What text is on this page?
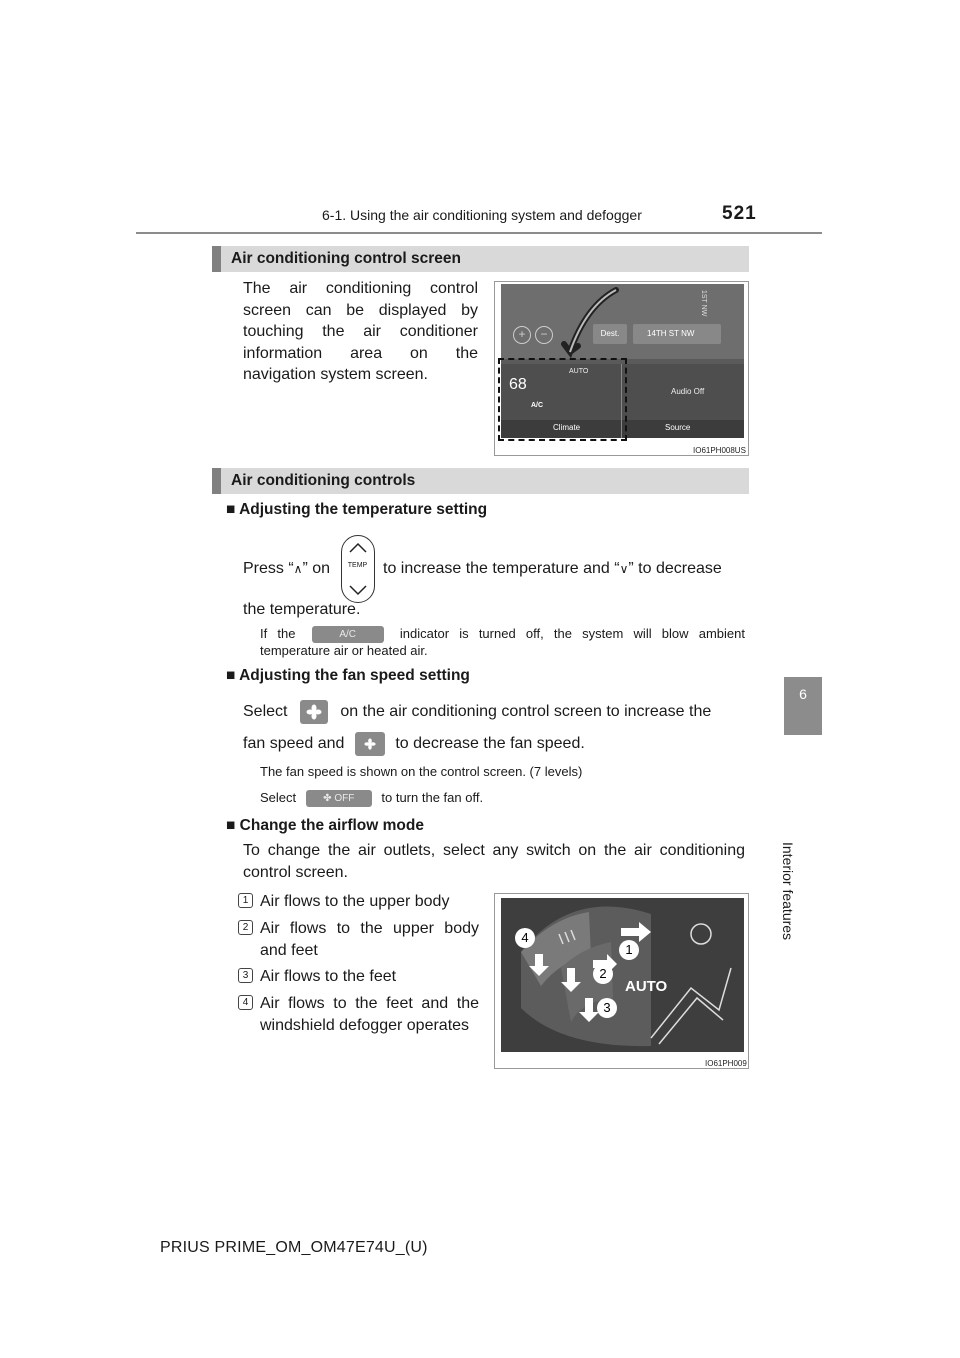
6-1. Using the air conditioning system and defogger	521
6
Interior features
Air conditioning control screen
The air conditioning control screen can be displayed by touching the air conditioner information area on the navigation system screen.
+	−	Dest.	14TH ST NW
1ST NW
68
AUTO
A/C
Audio Off
Climate	Source
IO61PH008US
Air conditioning controls
■ Adjusting the temperature setting
Press “∧” on	TEMP to increase the temperature and “∨” to decrease
the temperature.
If the	A/C	indicator is turned off, the system will blow ambient temperature air or heated air.
■ Adjusting the fan speed setting
Select	on the air conditioning control screen to increase the
fan speed and	to decrease the fan speed.
The fan speed is shown on the control screen. (7 levels)
Select	✤ OFF to turn the fan off.
■ Change the airflow mode
To change the air outlets, select any switch on the air conditioning control screen.
1 Air flows to the upper body
2 Air flows to the upper body and feet
3 Air flows to the feet
4 Air flows to the feet and the windshield defogger operates
AUTO
1
2
3
4
IO61PH009
PRIUS PRIME_OM_OM47E74U_(U)
